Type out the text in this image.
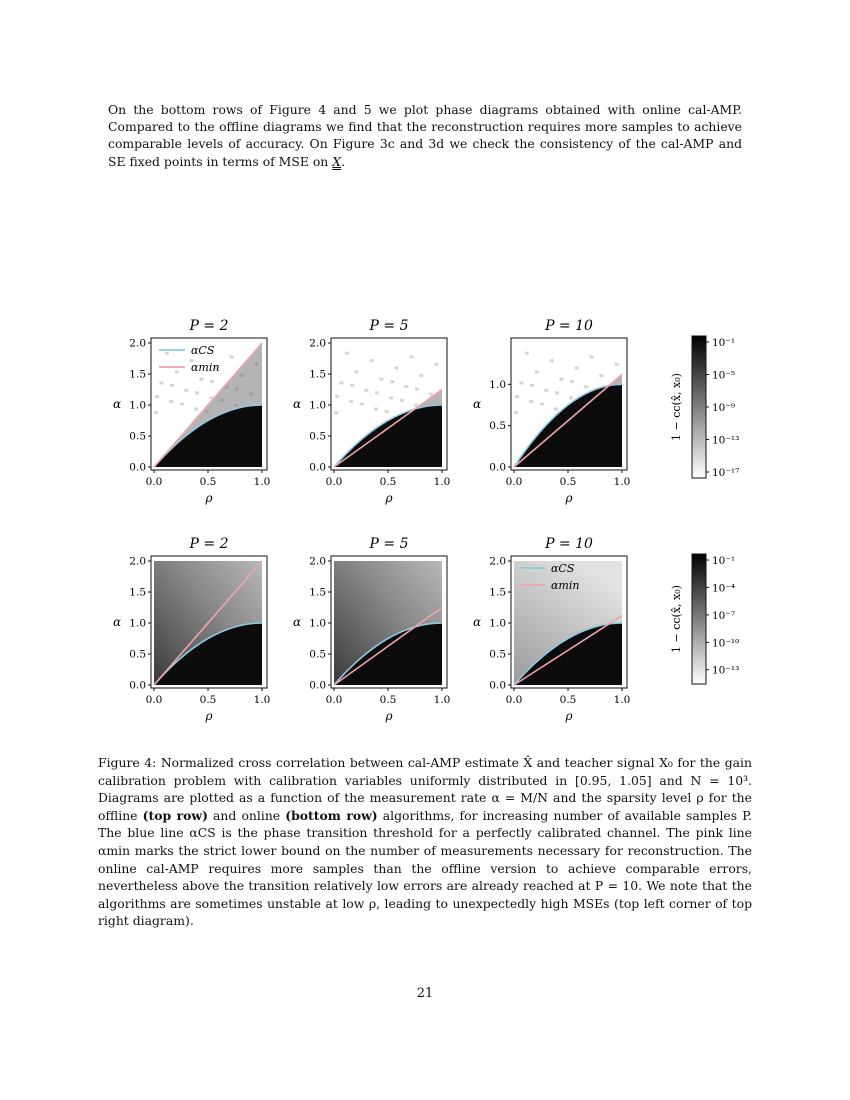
On the bottom rows of Figure 4 and 5 we plot phase diagrams obtained with online cal-AMP. Compared to the offline diagrams we find that the reconstruction requires more samples to achieve comparable levels of accuracy. On Figure 3c and 3d we check the consistency of the cal-AMP and SE fixed points in terms of MSE on X.

P = 2
0.0
0.5
1.0
1.5
2.0
0.0	0.5	1.0
ρ
α
αCS
αmin
P = 5
0.0
0.5
1.0
1.5
2.0
0.0	0.5	1.0
ρ
α
P = 10
0.0
0.5
1.0
0.0	0.5	1.0
ρ
α
P = 2
0.0
0.5
1.0
1.5
2.0
0.0	0.5	1.0
ρ
α
P = 5
0.0
0.5
1.0
1.5
2.0
0.0	0.5	1.0
ρ
α
P = 10
0.0
0.5
1.0
1.5
2.0
0.0	0.5	1.0
ρ
α
αCS
αmin
10⁻¹
10⁻⁵
10⁻⁹
10⁻¹³
10⁻¹⁷
1 − cc(x̂, x₀)
10⁻¹
10⁻⁴
10⁻⁷
10⁻¹⁰
10⁻¹³
1 − cc(x̂, x₀)

Figure 4: Normalized cross correlation between cal-AMP estimate X̂ and teacher signal X₀ for the gain calibration problem with calibration variables uniformly distributed in [0.95, 1.05] and N = 10³. Diagrams are plotted as a function of the measurement rate α = M/N and the sparsity level ρ for the offline (top row) and online (bottom row) algorithms, for increasing number of available samples P. The blue line αCS is the phase transition threshold for a perfectly calibrated channel. The pink line αmin marks the strict lower bound on the number of measurements necessary for reconstruction. The online cal-AMP requires more samples than the offline version to achieve comparable errors, nevertheless above the transition relatively low errors are already reached at P = 10. We note that the algorithms are sometimes unstable at low ρ, leading to unexpectedly high MSEs (top left corner of top right diagram).

21
